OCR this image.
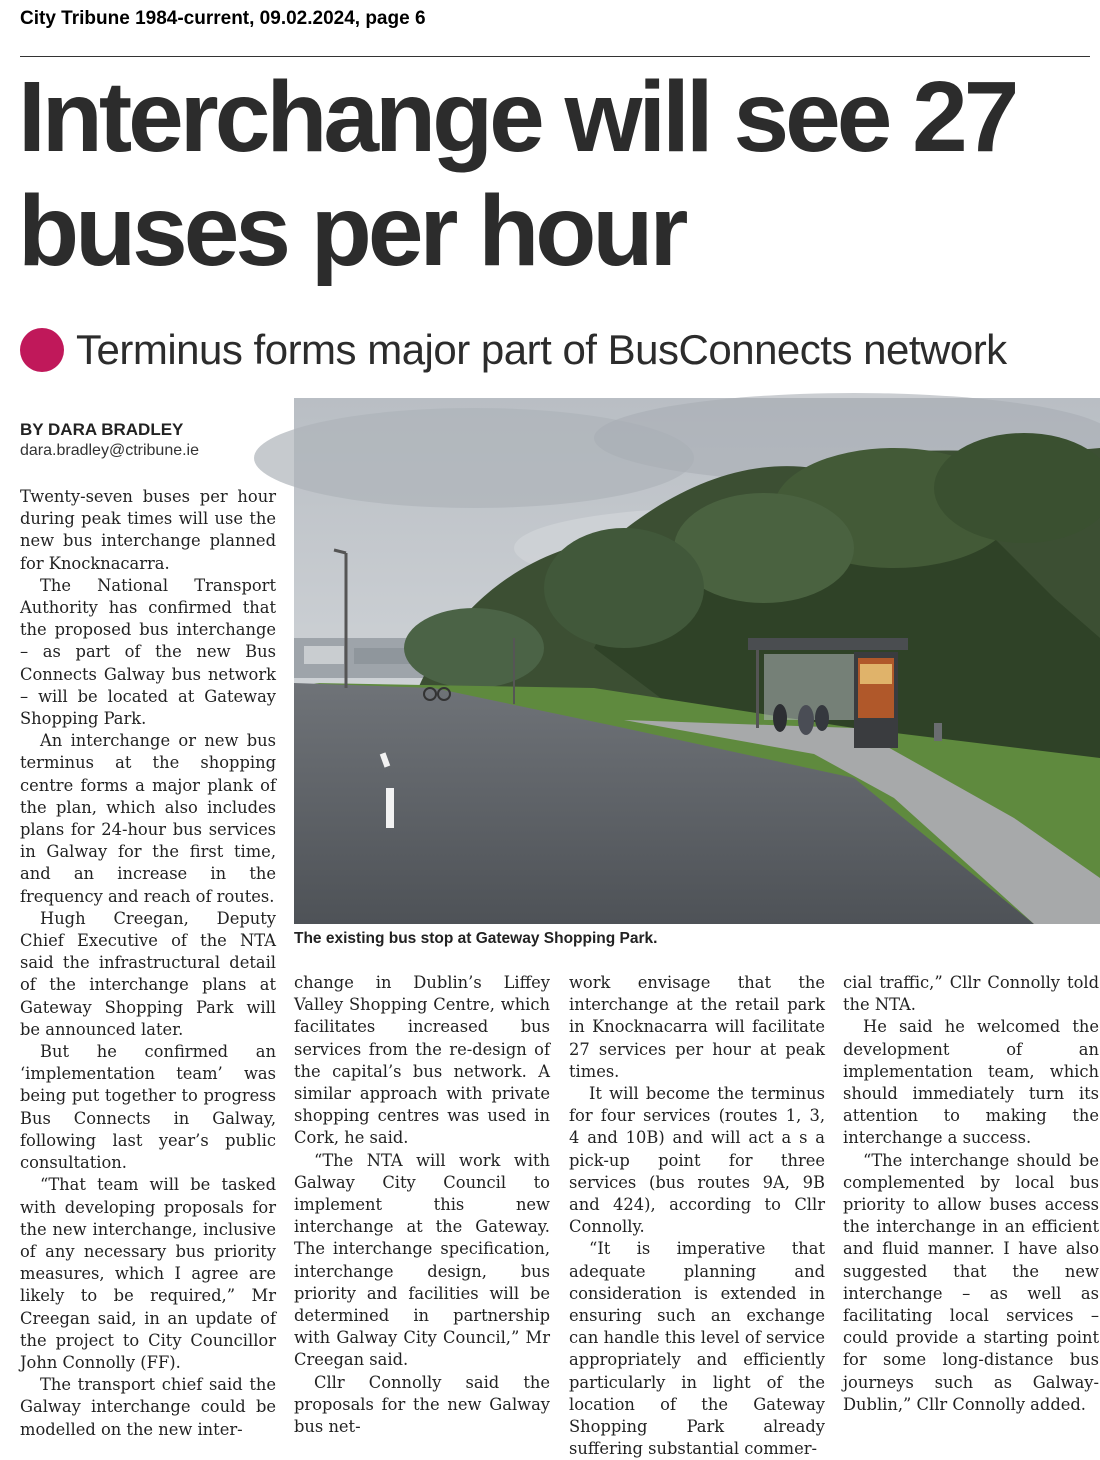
City Tribune 1984-current, 09.02.2024, page 6
Interchange will see 27 buses per hour
Terminus forms major part of BusConnects network
BY DARA BRADLEY
dara.bradley@ctribune.ie
The existing bus stop at Gateway Shopping Park.

Twenty-seven buses per hour during peak times will use the new bus interchange planned for Knocknacarra.

The National Transport Authority has confirmed that the proposed bus interchange – as part of the new Bus Connects Galway bus network – will be located at Gateway Shopping Park.

An interchange or new bus terminus at the shopping centre forms a major plank of the plan, which also includes plans for 24-hour bus services in Galway for the first time, and an increase in the frequency and reach of routes.

Hugh Creegan, Deputy Chief Executive of the NTA said the infrastructural detail of the interchange plans at Gateway Shopping Park will be announced later.

But he confirmed an ‘implementation team’ was being put together to progress Bus Connects in Galway, following last year’s public consultation.

“That team will be tasked with developing proposals for the new interchange, inclusive of any necessary bus priority measures, which I agree are likely to be required,” Mr Creegan said, in an update of the project to City Councillor John Connolly (FF).

The transport chief said the Galway interchange could be modelled on the new inter-

change in Dublin’s Liffey Valley Shopping Centre, which facilitates increased bus services from the re-design of the capital’s bus network. A similar approach with private shopping centres was used in Cork, he said.

“The NTA will work with Galway City Council to implement this new interchange at the Gateway. The interchange specification, interchange design, bus priority and facilities will be determined in partnership with Galway City Council,” Mr Creegan said.

Cllr Connolly said the proposals for the new Galway bus net-

work envisage that the interchange at the retail park in Knocknacarra will facilitate 27 services per hour at peak times.

It will become the terminus for four services (routes 1, 3, 4 and 10B) and will act a s a pick-up point for three services (bus routes 9A, 9B and 424), according to Cllr Connolly.

“It is imperative that adequate planning and consideration is extended in ensuring such an exchange can handle this level of service appropriately and efficiently particularly in light of the location of the Gateway Shopping Park already suffering substantial commer-

cial traffic,” Cllr Connolly told the NTA.

He said he welcomed the development of an implementation team, which should immediately turn its attention to making the interchange a success.

“The interchange should be complemented by local bus priority to allow buses access the interchange in an efficient and fluid manner. I have also suggested that the new interchange – as well as facilitating local services – could provide a starting point for some long-distance bus journeys such as Galway-Dublin,” Cllr Connolly added.
